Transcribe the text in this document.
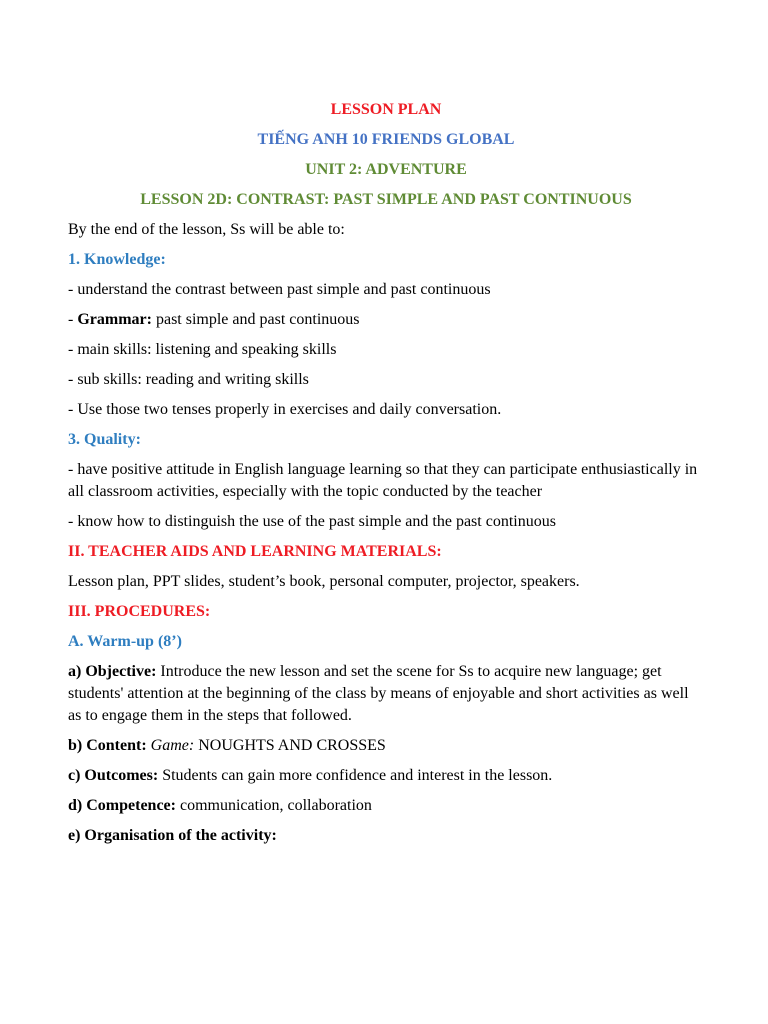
LESSON PLAN
TIẾNG ANH 10 FRIENDS GLOBAL
UNIT 2: ADVENTURE
LESSON 2D: CONTRAST: PAST SIMPLE AND PAST CONTINUOUS
By the end of the lesson, Ss will be able to:
1. Knowledge:
- understand the contrast between past simple and past continuous
- Grammar: past simple and past continuous
- main skills: listening and speaking skills
- sub skills: reading and writing skills
- Use those two tenses properly in exercises and daily conversation.
3. Quality:
- have positive attitude in English language learning so that they can participate enthusiastically in all classroom activities, especially with the topic conducted by the teacher
- know how to distinguish the use of the past simple and the past continuous
II. TEACHER AIDS AND LEARNING MATERIALS:
Lesson plan, PPT slides, student’s book, personal computer, projector, speakers.
III. PROCEDURES:
A. Warm-up (8’)
a) Objective: Introduce the new lesson and set the scene for Ss to acquire new language; get students' attention at the beginning of the class by means of enjoyable and short activities as well as to engage them in the steps that followed.
b) Content: Game: NOUGHTS AND CROSSES
c) Outcomes: Students can gain more confidence and interest in the lesson.
d) Competence: communication, collaboration
e) Organisation of the activity:
